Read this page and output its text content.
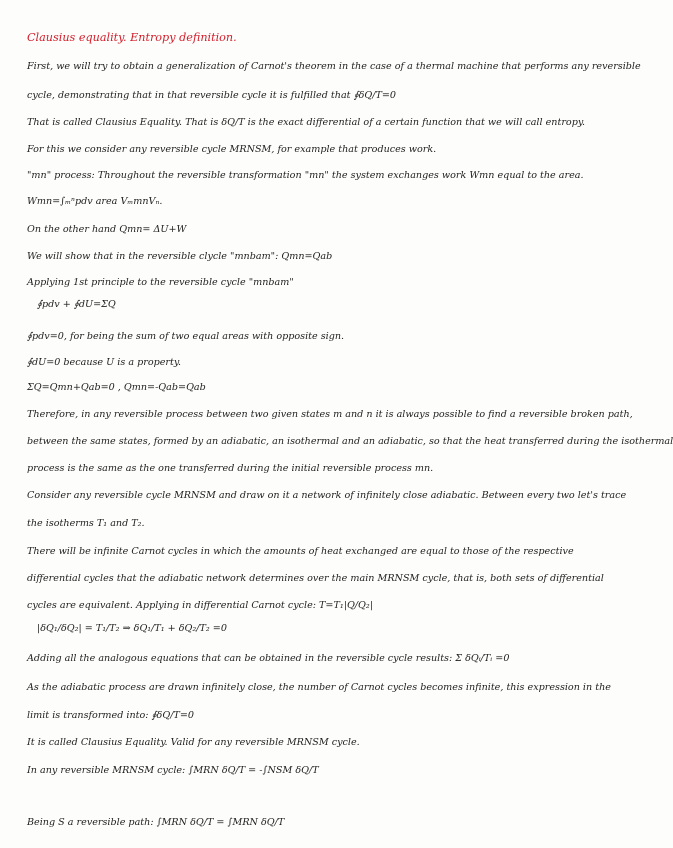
Clausius equality. Entropy definition.
First, we will try to obtain a generalization of Carnot's theorem in the case of a thermal machine that performs any reversible
cycle, demonstrating that in that reversible cycle it is fulfilled that ∮δQ/T=0
That is called Clausius Equality. That is δQ/T is the exact differential of a certain function that we will call entropy.
For this we consider any reversible cycle MRNSM, for example that produces work.
"mn" process: Throughout the reversible transformation "mn" the system exchanges work Wmn equal to the area.
Wmn=∫ₘⁿpdv area VₘmnVₙ.
On the other hand Qmn= ΔU+W
We will show that in the reversible clycle "mnbam": Qmn=Qab
Applying 1st principle to the reversible cycle "mnbam"
∮pdv + ∮dU=ΣQ
∮pdv=0, for being the sum of two equal areas with opposite sign.
∮dU=0 because U is a property.
ΣQ=Qmn+Qab=0 , Qmn=-Qab=Qab
Therefore, in any reversible process between two given states m and n it is always possible to find a reversible broken path,
between the same states, formed by an adiabatic, an isothermal and an adiabatic, so that the heat transferred during the isothermal
process is the same as the one transferred during the initial reversible process mn.
Consider any reversible cycle MRNSM and draw on it a network of infinitely close adiabatic. Between every two let's trace
the isotherms T₁ and T₂.
There will be infinite Carnot cycles in which the amounts of heat exchanged are equal to those of the respective
differential cycles that the adiabatic network determines over the main MRNSM cycle, that is, both sets of differential
cycles are equivalent. Applying in differential Carnot cycle: T=T₁|Q/Q₂|
|δQ₁/δQ₂| = T₁/T₂ ⇒ δQ₁/T₁ + δQ₂/T₂ =0
Adding all the analogous equations that can be obtained in the reversible cycle results: Σ δQᵢ/Tᵢ =0
As the adiabatic process are drawn infinitely close, the number of Carnot cycles becomes infinite, this expression in the
limit is transformed into: ∮δQ/T=0
It is called Clausius Equality. Valid for any reversible MRNSM cycle.
In any reversible MRNSM cycle: ∫MRN δQ/T = -∫NSM δQ/T
Being S a reversible path: ∫MRN δQ/T = ∫MRN δQ/T
